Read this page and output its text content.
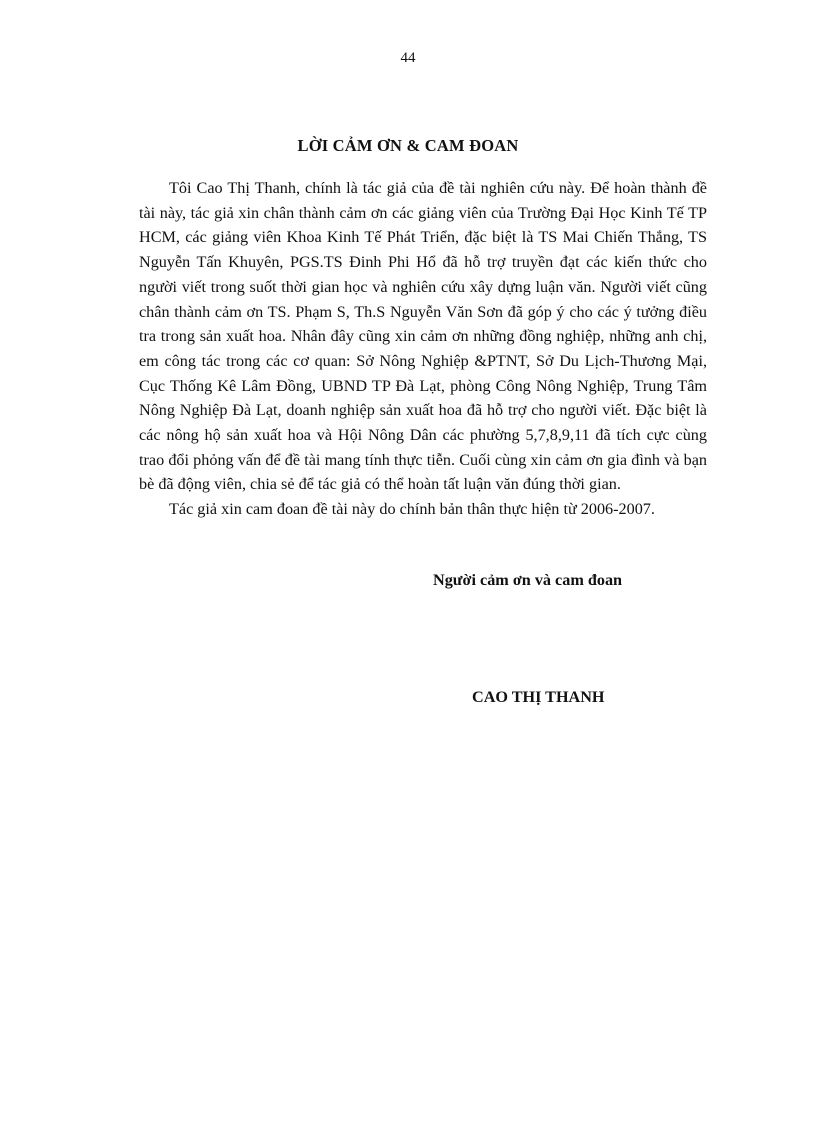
44
LỜI CẢM ƠN & CAM ĐOAN

Tôi Cao Thị Thanh, chính là tác giả của đề tài nghiên cứu này. Để hoàn thành đề tài này, tác giả xin chân thành cảm ơn các giảng viên của Trường Đại Học Kinh Tế TP HCM, các giảng viên Khoa Kinh Tế Phát Triển, đặc biệt là TS Mai Chiến Thắng, TS Nguyễn Tấn Khuyên, PGS.TS Đinh Phi Hổ đã hỗ trợ truyền đạt các kiến thức cho người viết trong suốt thời gian học và nghiên cứu xây dựng luận văn. Người viết cũng chân thành cảm ơn TS. Phạm S, Th.S Nguyễn Văn Sơn đã góp ý cho các ý tưởng điều tra trong sản xuất hoa. Nhân đây cũng xin cảm ơn những đồng nghiệp, những anh chị, em công tác trong các cơ quan: Sở Nông Nghiệp &PTNT, Sở Du Lịch-Thương Mại, Cục Thống Kê Lâm Đồng, UBND TP Đà Lạt, phòng Công Nông Nghiệp, Trung Tâm Nông Nghiệp Đà Lạt, doanh nghiệp sản xuất hoa đã hỗ trợ cho người viết. Đặc biệt là các nông hộ sản xuất hoa và Hội Nông Dân các phường 5,7,8,9,11 đã tích cực cùng trao đổi phỏng vấn để đề tài mang tính thực tiễn. Cuối cùng xin cảm ơn gia đình và bạn bè đã động viên, chia sẻ để tác giả có thể hoàn tất luận văn đúng thời gian.

Tác giả xin cam đoan đề tài này do chính bản thân thực hiện từ 2006-2007.

Người cảm ơn và cam đoan
CAO THỊ THANH
